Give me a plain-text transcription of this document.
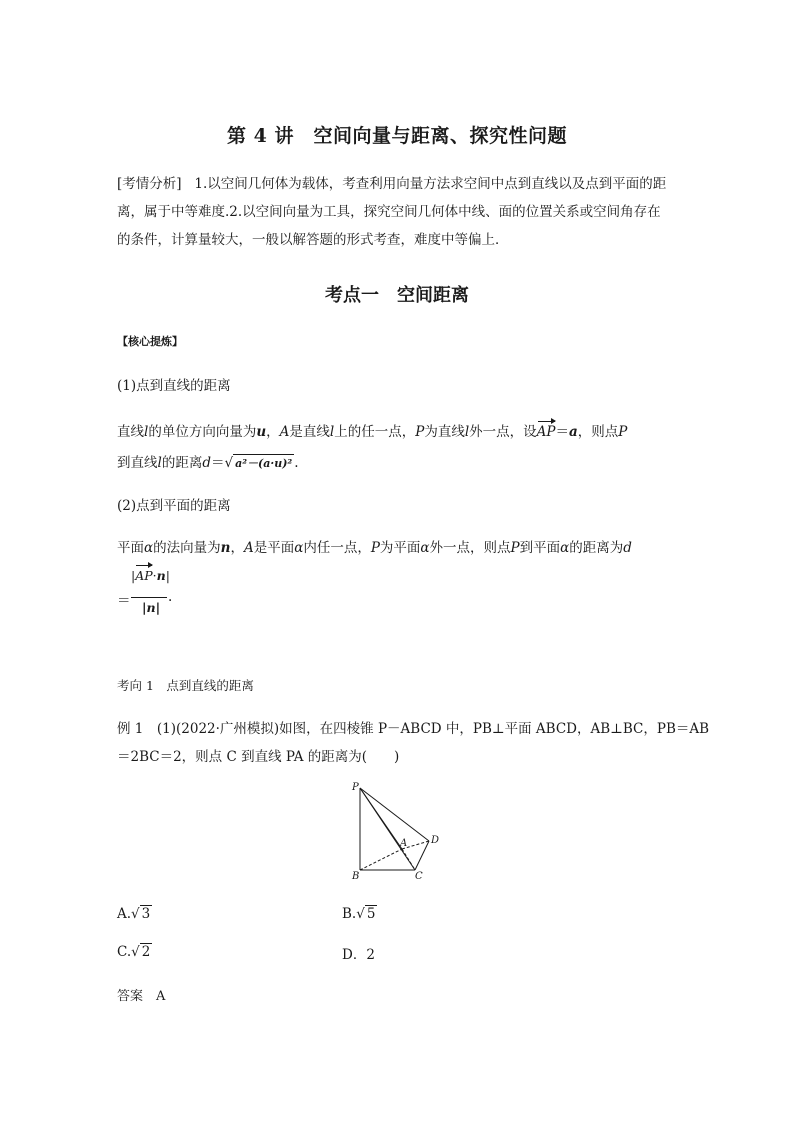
第 4 讲　空间向量与距离、探究性问题
[考情分析] 1.以空间几何体为载体，考查利用向量方法求空间中点到直线以及点到平面的距
离，属于中等难度.2.以空间向量为工具，探究空间几何体中线、面的位置关系或空间角存在
的条件，计算量较大，一般以解答题的形式考查，难度中等偏上．
考点一　空间距离
【核心提炼】
(1)点到直线的距离
直线l的单位方向向量为u，A是直线l上的任一点，P为直线l外一点，设AP＝a，则点P
到直线l的距离d＝√ a²－(a·u)² .
(2)点到平面的距离
平面α的法向量为n，A是平面α内任一点，P为平面α外一点，则点P到平面α的距离为d
＝
|AP·n|
|n|
.
考向 1　点到直线的距离
例 1　(1)(2022·广州模拟)如图，在四棱锥 P－ABCD 中，PB⊥平面 ABCD，AB⊥BC，PB＝AB
＝2BC＝2，则点 C 到直线 PA 的距离为(　　)
P
A
B	C
D
A.√ 3	B.√ 5
C.√ 2	D．2
答案　A
